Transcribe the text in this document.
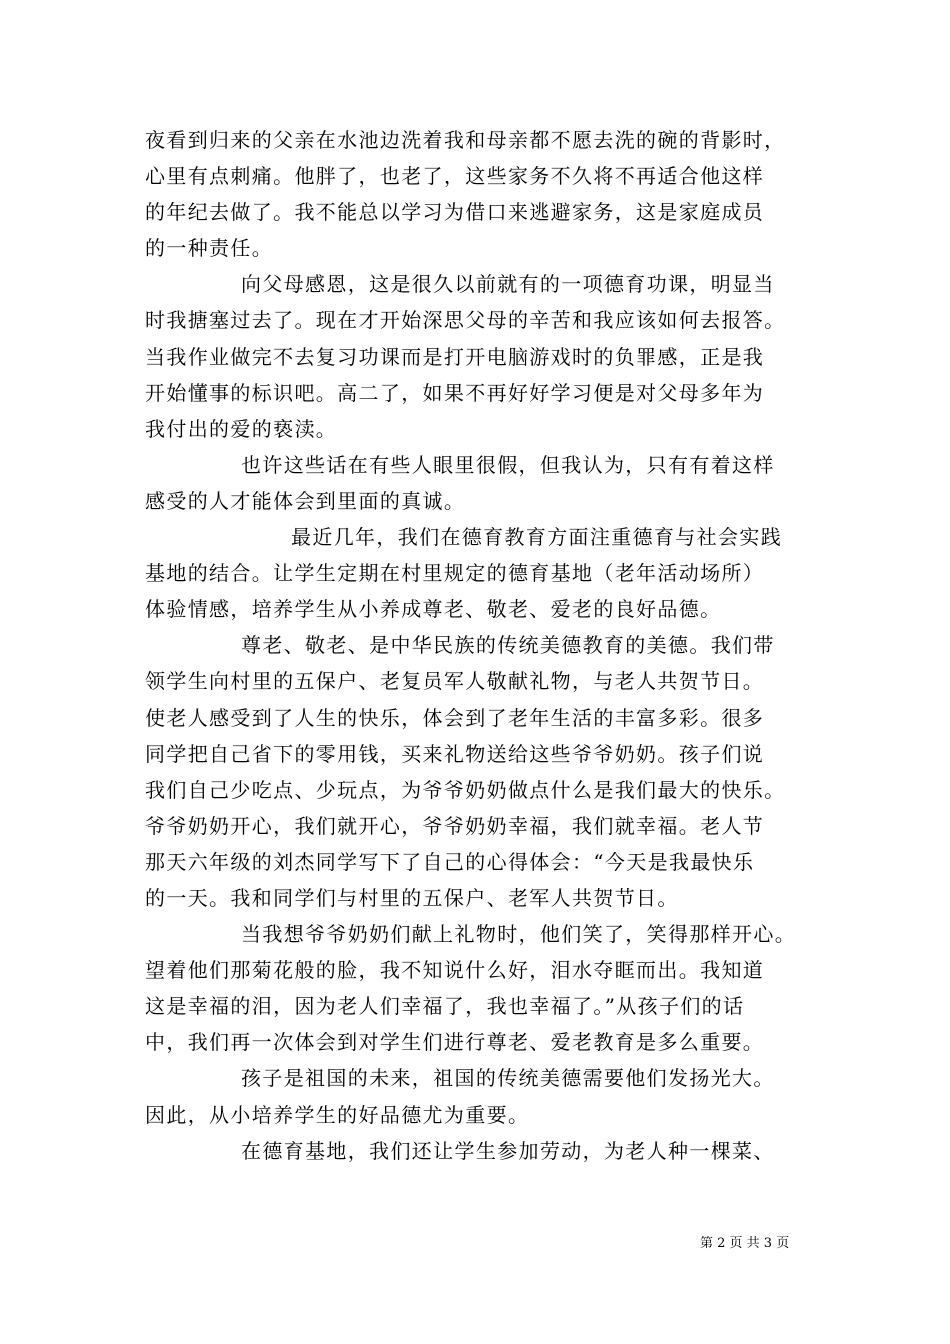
夜看到归来的父亲在水池边洗着我和母亲都不愿去洗的碗的背影时，
心里有点刺痛。他胖了，也老了，这些家务不久将不再适合他这样
的年纪去做了。我不能总以学习为借口来逃避家务，这是家庭成员
的一种责任。
向父母感恩，这是很久以前就有的一项德育功课，明显当
时我搪塞过去了。现在才开始深思父母的辛苦和我应该如何去报答。
当我作业做完不去复习功课而是打开电脑游戏时的负罪感，正是我
开始懂事的标识吧。高二了，如果不再好好学习便是对父母多年为
我付出的爱的亵渎。
也许这些话在有些人眼里很假，但我认为，只有有着这样
感受的人才能体会到里面的真诚。
最近几年，我们在德育教育方面注重德育与社会实践
基地的结合。让学生定期在村里规定的德育基地（老年活动场所）
体验情感，培养学生从小养成尊老、敬老、爱老的良好品德。
尊老、敬老、是中华民族的传统美德教育的美德。我们带
领学生向村里的五保户、老复员军人敬献礼物，与老人共贺节日。
使老人感受到了人生的快乐，体会到了老年生活的丰富多彩。很多
同学把自己省下的零用钱，买来礼物送给这些爷爷奶奶。孩子们说
我们自己少吃点、少玩点，为爷爷奶奶做点什么是我们最大的快乐。
爷爷奶奶开心，我们就开心，爷爷奶奶幸福，我们就幸福。老人节
那天六年级的刘杰同学写下了自己的心得体会：“今天是我最快乐
的一天。我和同学们与村里的五保户、老军人共贺节日。
当我想爷爷奶奶们献上礼物时，他们笑了，笑得那样开心。
望着他们那菊花般的脸，我不知说什么好，泪水夺眶而出。我知道
这是幸福的泪，因为老人们幸福了，我也幸福了。”从孩子们的话
中，我们再一次体会到对学生们进行尊老、爱老教育是多么重要。
孩子是祖国的未来，祖国的传统美德需要他们发扬光大。
因此，从小培养学生的好品德尤为重要。
在德育基地，我们还让学生参加劳动，为老人种一棵菜、
第 2 页 共 3 页
